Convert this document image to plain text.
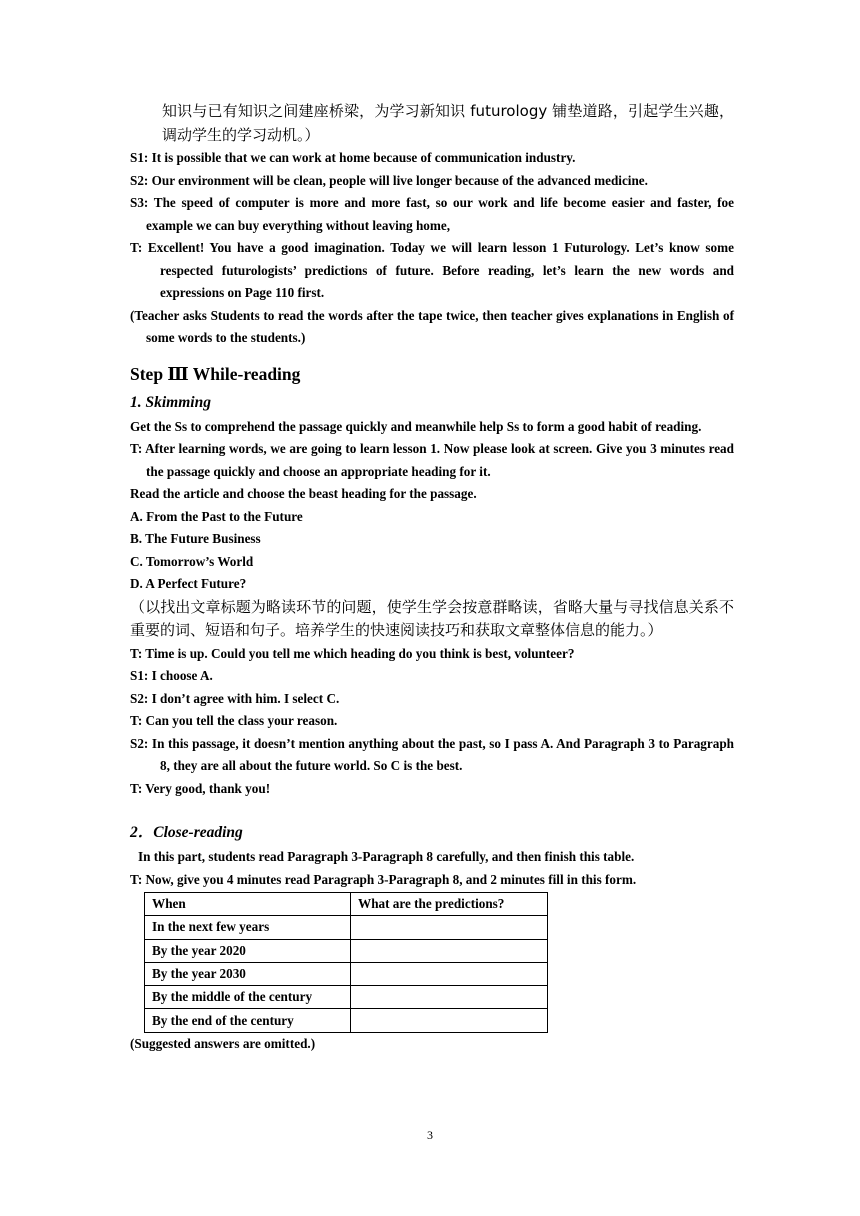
知识与已有知识之间建座桥梁，为学习新知识 futurology 铺垫道路，引起学生兴趣，调动学生的学习动机。）

S1: It is possible that we can work at home because of communication industry.

S2: Our environment will be clean, people will live longer because of the advanced medicine.

S3: The speed of computer is more and more fast, so our work and life become easier and faster, foe example we can buy everything without leaving home,

T: Excellent! You have a good imagination. Today we will learn lesson 1 Futurology. Let’s know some respected futurologists’ predictions of future. Before reading, let’s learn the new words and expressions on Page 110 first.

(Teacher asks Students to read the words after the tape twice, then teacher gives explanations in English of some words to the students.)

Step Ⅲ While-reading
1. Skimming

Get the Ss to comprehend the passage quickly and meanwhile help Ss to form a good habit of reading.

T: After learning words, we are going to learn lesson 1. Now please look at screen. Give you 3 minutes read the passage quickly and choose an appropriate heading for it.

Read the article and choose the beast heading for the passage.

A. From the Past to the Future

B. The Future Business

C. Tomorrow’s World

D. A Perfect Future?

（以找出文章标题为略读环节的问题，使学生学会按意群略读，省略大量与寻找信息关系不重要的词、短语和句子。培养学生的快速阅读技巧和获取文章整体信息的能力。）

T: Time is up. Could you tell me which heading do you think is best, volunteer?

S1: I choose A.

S2: I don’t agree with him. I select C.

T: Can you tell the class your reason.

S2: In this passage, it doesn’t mention anything about the past, so I pass A. And Paragraph 3 to Paragraph 8, they are all about the future world. So C is the best.

T: Very good, thank you!

2．Close-reading

In this part, students read Paragraph 3-Paragraph 8 carefully, and then finish this table.

T: Now, give you 4 minutes read Paragraph 3-Paragraph 8, and 2 minutes fill in this form.

When	What are the predictions?
In the next few years	
By the year 2020	
By the year 2030	
By the middle of the century	
By the end of the century	

(Suggested answers are omitted.)

3
